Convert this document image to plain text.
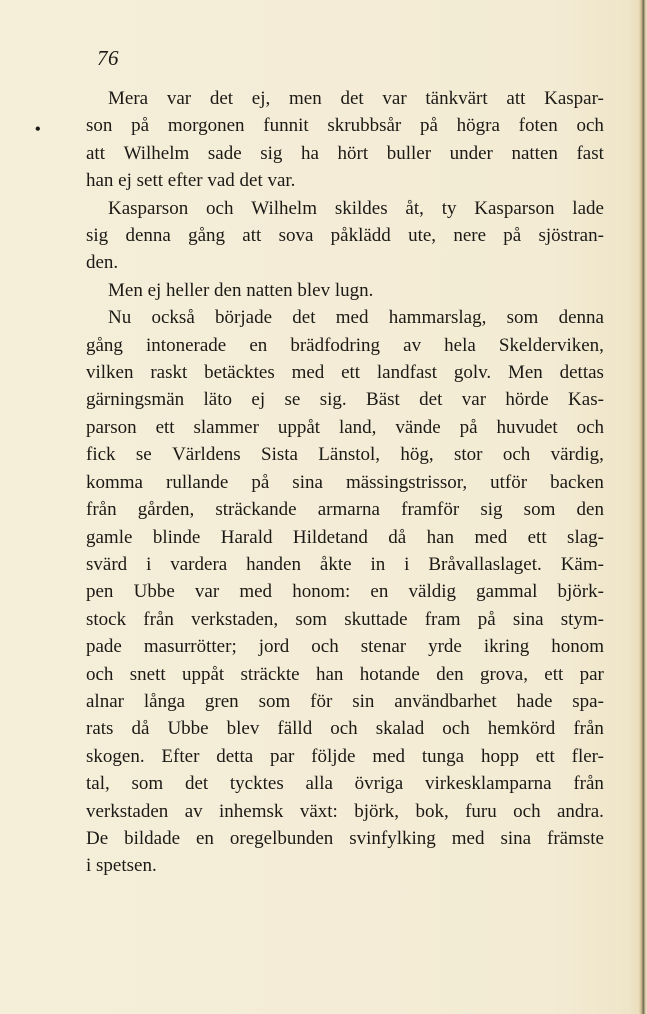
76
•
Mera var det ej, men det var tänkvärt att Kaspar-
son på morgonen funnit skrubbsår på högra foten och
att Wilhelm sade sig ha hört buller under natten fast
han ej sett efter vad det var.
Kasparson och Wilhelm skildes åt, ty Kasparson lade
sig denna gång att sova påklädd ute, nere på sjöstran-
den.
Men ej heller den natten blev lugn.
Nu också började det med hammarslag, som denna
gång intonerade en brädfodring av hela Skelderviken,
vilken raskt betäcktes med ett landfast golv. Men dettas
gärningsmän läto ej se sig. Bäst det var hörde Kas-
parson ett slammer uppåt land, vände på huvudet och
fick se Världens Sista Länstol, hög, stor och värdig,
komma rullande på sina mässingstrissor, utför backen
från gården, sträckande armarna framför sig som den
gamle blinde Harald Hildetand då han med ett slag-
svärd i vardera handen åkte in i Bråvallaslaget. Käm-
pen Ubbe var med honom: en väldig gammal björk-
stock från verkstaden, som skuttade fram på sina stym-
pade masurrötter; jord och stenar yrde ikring honom
och snett uppåt sträckte han hotande den grova, ett par
alnar långa gren som för sin användbarhet hade spa-
rats då Ubbe blev fälld och skalad och hemkörd från
skogen. Efter detta par följde med tunga hopp ett fler-
tal, som det tycktes alla övriga virkesklamparna från
verkstaden av inhemsk växt: björk, bok, furu och andra.
De bildade en oregelbunden svinfylking med sina främste
i spetsen.
